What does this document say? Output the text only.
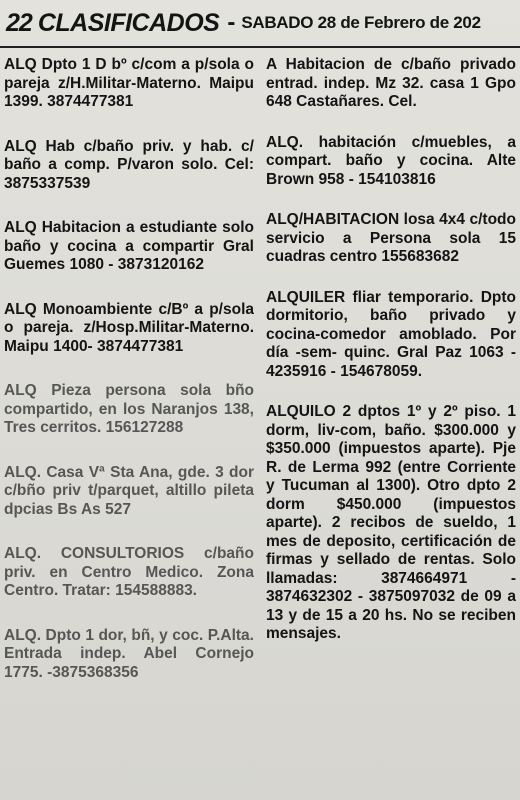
22 CLASIFICADOS - SABADO 28 de Febrero de 202

ALQ Dpto 1 D bº c/com a p/sola o pareja z/H.Militar-Materno. Maipu 1399. 3874477381

ALQ Hab c/baño priv. y hab. c/ baño a comp. P/varon solo. Cel: 3875337539

ALQ Habitacion a estudiante solo baño y cocina a compartir Gral Guemes 1080 - 3873120162

ALQ Monoambiente c/Bº a p/sola o pareja. z/Hosp.Militar-Materno. Maipu 1400- 3874477381

ALQ Pieza persona sola bño compartido, en los Naranjos 138, Tres cerritos. 156127288

ALQ. Casa Vª Sta Ana, gde. 3 dor c/bño priv t/parquet, altillo pileta dpcias Bs As 527

ALQ. CONSULTORIOS c/baño priv. en Centro Medico. Zona Centro. Tratar: 154588883.

ALQ. Dpto 1 dor, bñ, y coc. P.Alta. Entrada indep. Abel Cornejo 1775. -3875368356

A Habitacion de c/baño privado entrad. indep. Mz 32. casa 1 Gpo 648 Castañares. Cel.

ALQ. habitación c/muebles, a compart. baño y cocina. Alte Brown 958 - 154103816

ALQ/HABITACION losa 4x4 c/todo servicio a Persona sola 15 cuadras centro 155683682

ALQUILER fliar temporario. Dpto dormitorio, baño privado y cocina-comedor amoblado. Por día -sem- quinc. Gral Paz 1063 - 4235916 - 154678059.

ALQUILO 2 dptos 1º y 2º piso. 1 dorm, liv-com, baño. $300.000 y $350.000 (impuestos aparte). Pje R. de Lerma 992 (entre Corriente y Tucuman al 1300). Otro dpto 2 dorm $450.000 (impuestos aparte). 2 recibos de sueldo, 1 mes de deposito, certificación de firmas y sellado de rentas. Solo llamadas: 3874664971 - 3874632302 - 3875097032 de 09 a 13 y de 15 a 20 hs. No se reciben mensajes.
